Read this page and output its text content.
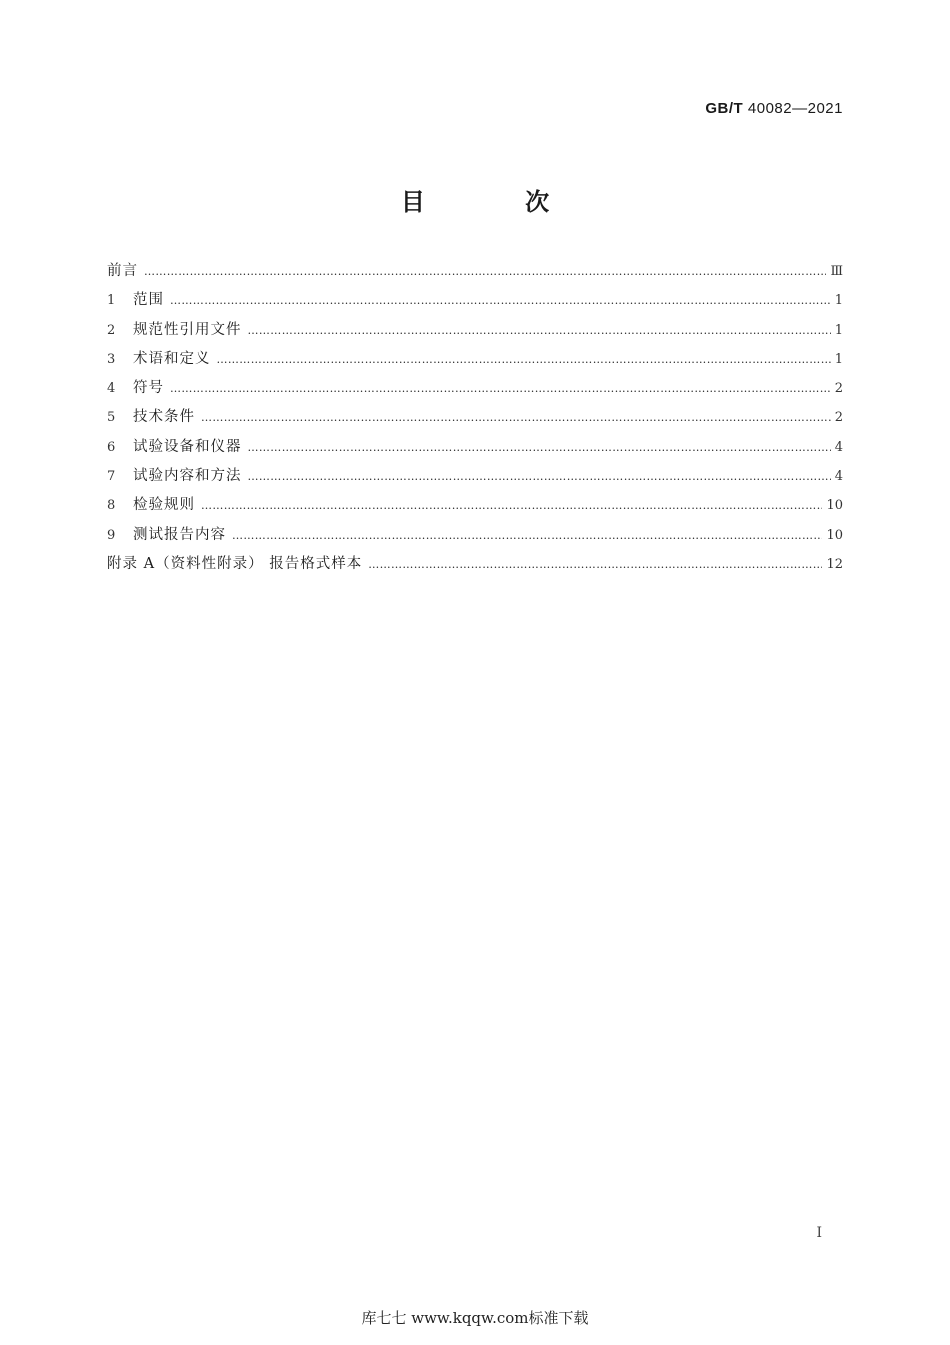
GB/T 40082—2021
目 次
前言 ……………………………………………………………………………………………………………………………………………………………………………………	Ⅲ
1	范围 ……………………………………………………………………………………………………………………………………………………………………………………	1
2	规范性引用文件 ……………………………………………………………………………………………………………………………………………………………………………………	1
3	术语和定义 ……………………………………………………………………………………………………………………………………………………………………………………	1
4	符号 ……………………………………………………………………………………………………………………………………………………………………………………	2
5	技术条件 ……………………………………………………………………………………………………………………………………………………………………………………	2
6	试验设备和仪器 ……………………………………………………………………………………………………………………………………………………………………………………	4
7	试验内容和方法 ……………………………………………………………………………………………………………………………………………………………………………………	4
8	检验规则 ……………………………………………………………………………………………………………………………………………………………………………………	10
9	测试报告内容 ……………………………………………………………………………………………………………………………………………………………………………………	10
附录 A（资料性附录） 报告格式样本 ……………………………………………………………………………………………………………………………………………………………………………………	12
Ⅰ
库七七 www.kqqw.com标准下载
